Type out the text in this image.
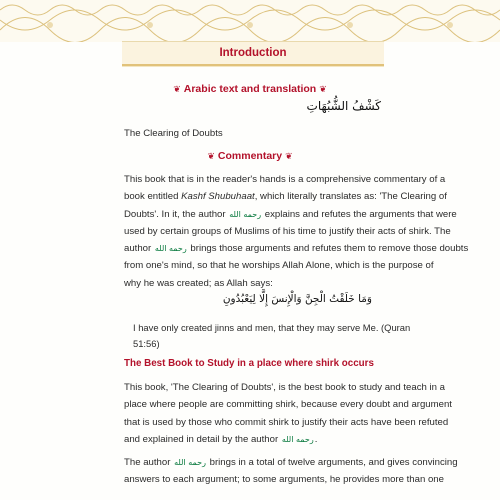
Introduction
❦ Arabic text and translation ❦
كَشْفُ الشُّبُهَاتِ
The Clearing of Doubts
❦ Commentary ❦
This book that is in the reader's hands is a comprehensive commentary of a
book entitled Kashf Shubuhaat, which literally translates as: 'The Clearing of
Doubts'. In it, the author رحمه الله explains and refutes the arguments that were
used by certain groups of Muslims of his time to justify their acts of shirk. The
author رحمه الله brings those arguments and refutes them to remove those doubts
from one's mind, so that he worships Allah Alone, which is the purpose of
why he was created; as Allah says:
وَمَا خَلَقْتُ الْجِنَّ وَالْإِنسَ إِلَّا لِيَعْبُدُونِ
I have only created jinns and men, that they may serve Me. (Quran
51:56)
The Best Book to Study in a place where shirk occurs
This book, 'The Clearing of Doubts', is the best book to study and teach in a
place where people are committing shirk, because every doubt and argument
that is used by those who commit shirk to justify their acts have been refuted
and explained in detail by the author رحمه الله.
The author رحمه الله brings in a total of twelve arguments, and gives convincing
answers to each argument; to some arguments, he provides more than one
